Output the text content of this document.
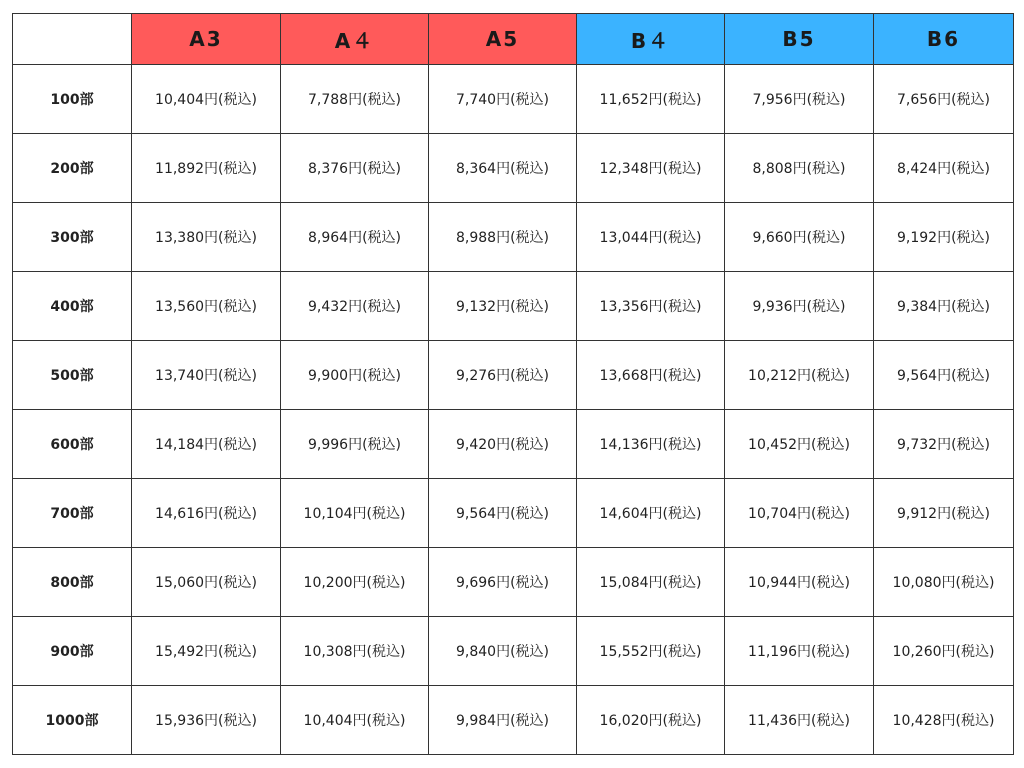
	A3	A４	A5	B４	B5	B6
100部	10,404円(税込)	7,788円(税込)	7,740円(税込)	11,652円(税込)	7,956円(税込)	7,656円(税込)
200部	11,892円(税込)	8,376円(税込)	8,364円(税込)	12,348円(税込)	8,808円(税込)	8,424円(税込)
300部	13,380円(税込)	8,964円(税込)	8,988円(税込)	13,044円(税込)	9,660円(税込)	9,192円(税込)
400部	13,560円(税込)	9,432円(税込)	9,132円(税込)	13,356円(税込)	9,936円(税込)	9,384円(税込)
500部	13,740円(税込)	9,900円(税込)	9,276円(税込)	13,668円(税込)	10,212円(税込)	9,564円(税込)
600部	14,184円(税込)	9,996円(税込)	9,420円(税込)	14,136円(税込)	10,452円(税込)	9,732円(税込)
700部	14,616円(税込)	10,104円(税込)	9,564円(税込)	14,604円(税込)	10,704円(税込)	9,912円(税込)
800部	15,060円(税込)	10,200円(税込)	9,696円(税込)	15,084円(税込)	10,944円(税込)	10,080円(税込)
900部	15,492円(税込)	10,308円(税込)	9,840円(税込)	15,552円(税込)	11,196円(税込)	10,260円(税込)
1000部	15,936円(税込)	10,404円(税込)	9,984円(税込)	16,020円(税込)	11,436円(税込)	10,428円(税込)
